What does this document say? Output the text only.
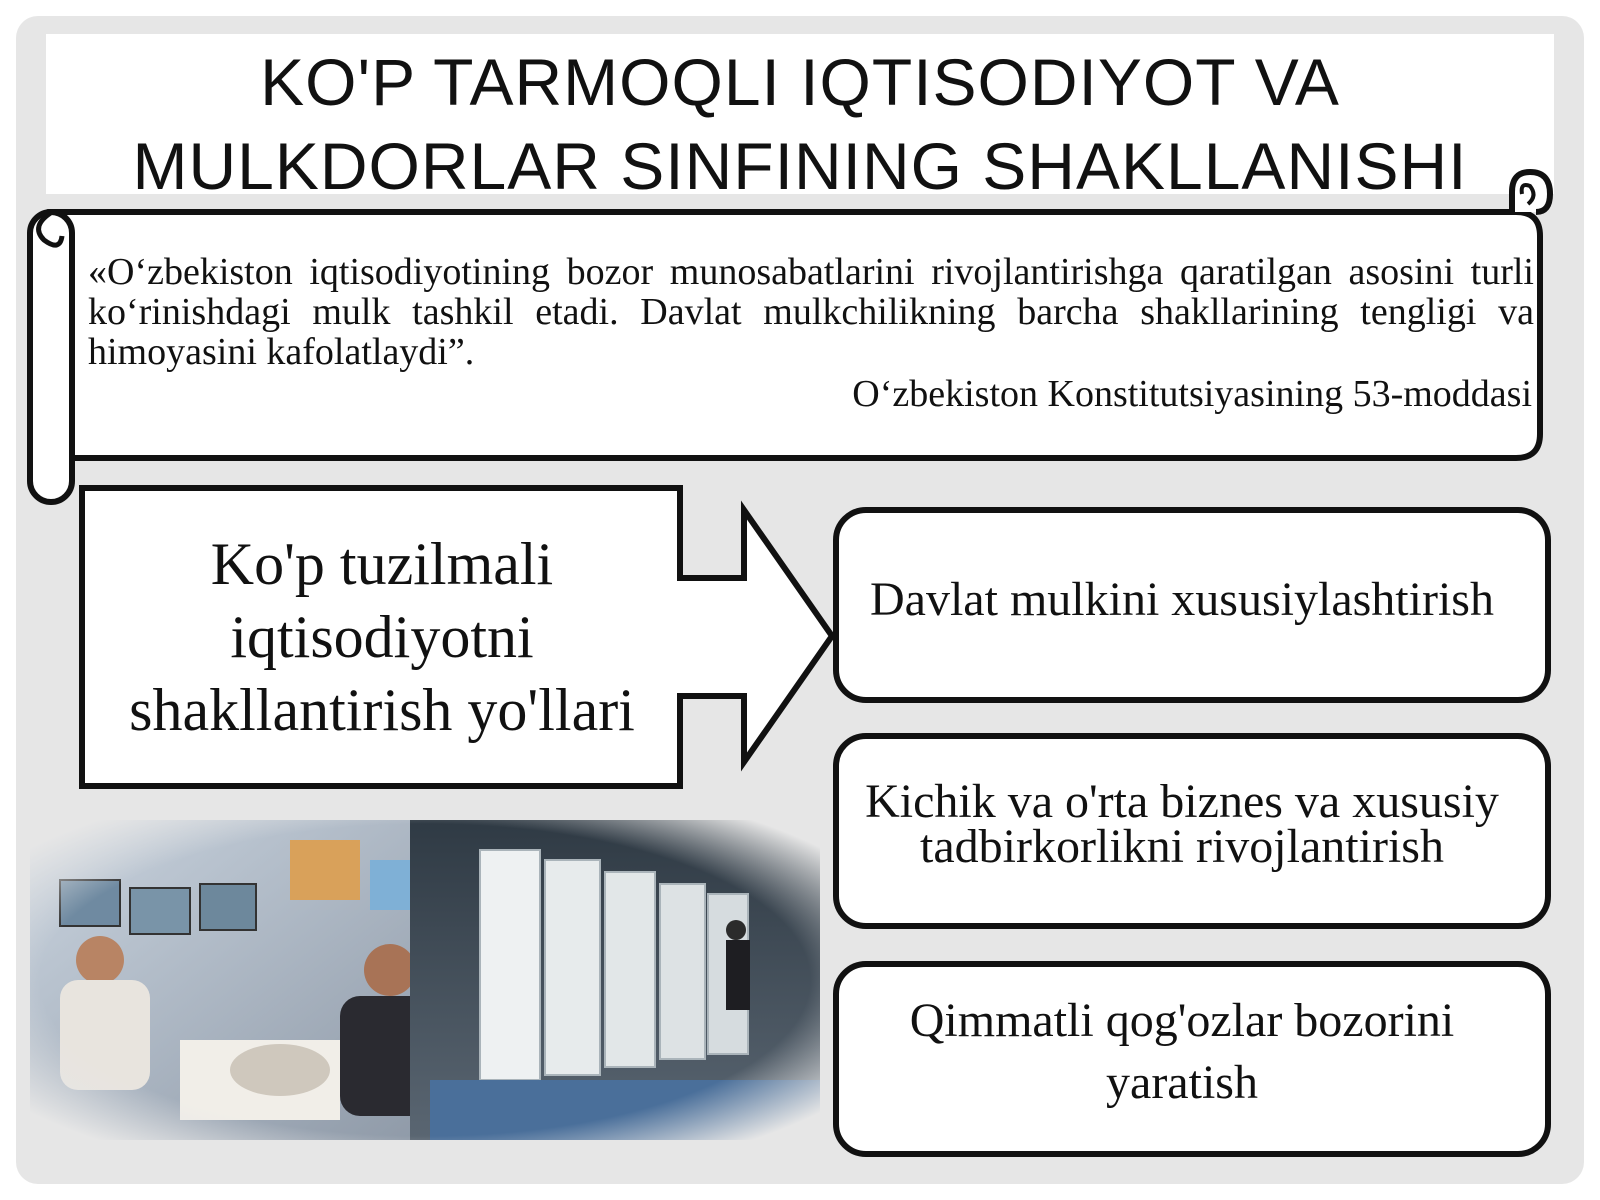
KO'P TARMOQLI IQTISODIYOT VA
MULKDORLAR SINFINING SHAKLLANISHI

«O‘zbekiston iqtisodiyotining bozor munosabatlarini rivojlantirishga qaratilgan asosini turli ko‘rinishdagi mulk tashkil etadi. Davlat mulkchilikning barcha shakllarining tengligi va himoyasini kafolatlaydi”.

O‘zbekiston Konstitutsiyasining 53-moddasi
Ko'p tuzilmali iqtisodiyotni shakllantirish yo'llari
Davlat mulkini xususiylashtirish
Kichik va o'rta biznes va xususiy tadbirkorlikni rivojlantirish
Qimmatli qog'ozlar bozorini yaratish
